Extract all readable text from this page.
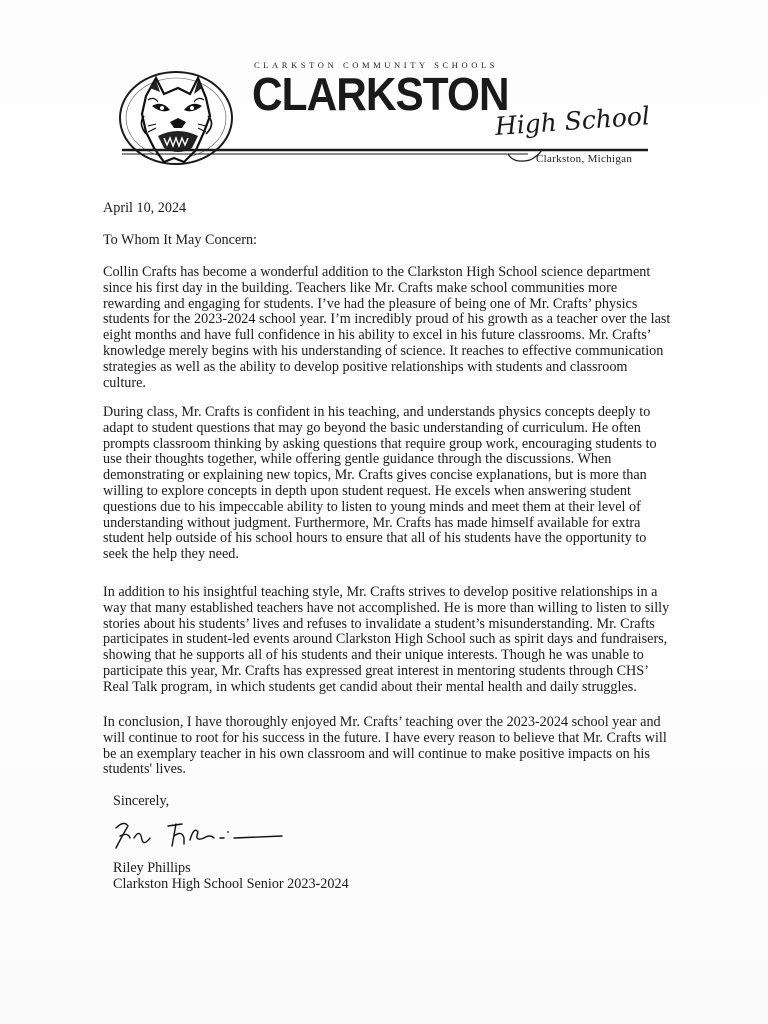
CLARKSTON COMMUNITY SCHOOLS
CLARKSTON
High School
Clarkston, Michigan
April 10, 2024
To Whom It May Concern:
Collin Crafts has become a wonderful addition to the Clarkston High School science department
since his first day in the building. Teachers like Mr. Crafts make school communities more
rewarding and engaging for students. I’ve had the pleasure of being one of Mr. Crafts’ physics
students for the 2023-2024 school year. I’m incredibly proud of his growth as a teacher over the last
eight months and have full confidence in his ability to excel in his future classrooms. Mr. Crafts’
knowledge merely begins with his understanding of science. It reaches to effective communication
strategies as well as the ability to develop positive relationships with students and classroom
culture.
During class, Mr. Crafts is confident in his teaching, and understands physics concepts deeply to
adapt to student questions that may go beyond the basic understanding of curriculum. He often
prompts classroom thinking by asking questions that require group work, encouraging students to
use their thoughts together, while offering gentle guidance through the discussions. When
demonstrating or explaining new topics, Mr. Crafts gives concise explanations, but is more than
willing to explore concepts in depth upon student request. He excels when answering student
questions due to his impeccable ability to listen to young minds and meet them at their level of
understanding without judgment. Furthermore, Mr. Crafts has made himself available for extra
student help outside of his school hours to ensure that all of his students have the opportunity to
seek the help they need.
In addition to his insightful teaching style, Mr. Crafts strives to develop positive relationships in a
way that many established teachers have not accomplished. He is more than willing to listen to silly
stories about his students’ lives and refuses to invalidate a student’s misunderstanding. Mr. Crafts
participates in student-led events around Clarkston High School such as spirit days and fundraisers,
showing that he supports all of his students and their unique interests. Though he was unable to
participate this year, Mr. Crafts has expressed great interest in mentoring students through CHS’
Real Talk program, in which students get candid about their mental health and daily struggles.
In conclusion, I have thoroughly enjoyed Mr. Crafts’ teaching over the 2023-2024 school year and
will continue to root for his success in the future. I have every reason to believe that Mr. Crafts will
be an exemplary teacher in his own classroom and will continue to make positive impacts on his
students' lives.
Sincerely,
Riley Phillips
Clarkston High School Senior 2023-2024
